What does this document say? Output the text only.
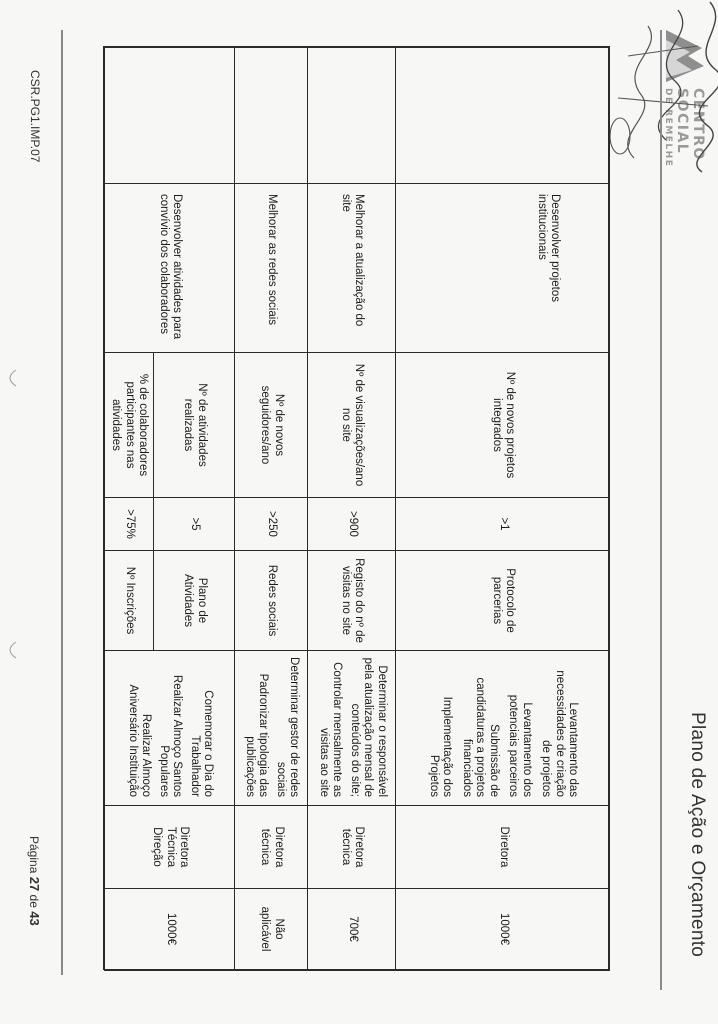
CENTRO
SOCIAL
DE REMELHE
Plano de Ação e Orçamento
Desenvolver projetos institucionais
Nº de novos projetos integrados
>1
Protocolo de parcerias
Levantamento das necessidades de criação de projetos
Levantamento dos potenciais parceiros
Submissão de candidaturas a projetos financiados
Implementação dos Projetos
Diretora
1000€
Melhorar a atualização do site
Nº de visualizações/ano no site
>900
Registo do nº de visitas no site
Determinar o responsável pela atualização mensal de conteúdos do site;
Controlar mensalmente as visitas ao site
Diretora
técnica
700€
Melhorar as redes sociais
Nº de novos seguidores/ano
>250
Redes sociais
Determinar gestor de redes sociais
Padronizar tipologia das publicações
Diretora
técnica
Não aplicável
Desenvolver atividades para convívio dos colaboradores
Nº de atividades realizadas
>5
Plano de Atividades
% de colaboradores participantes nas atividades
>75%
Nº Inscrições
Comemorar o Dia do Trabalhador
Realizar Almoço Santos Populares
Realizar Almoço Aniversário Instituição
Diretora
Técnica
Direção
1000€
CSR.PG1.IMP.07
Página 27 de 43
